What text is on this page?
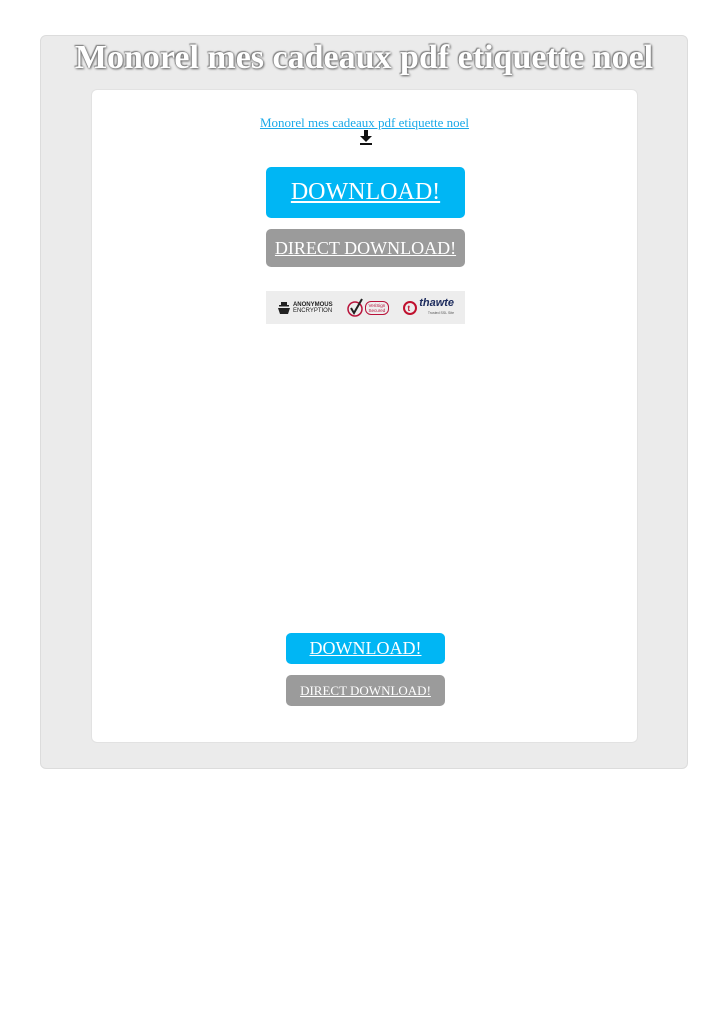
Monorel mes cadeaux pdf etiquette noel
Monorel mes cadeaux pdf etiquette noel
DOWNLOAD!
DIRECT DOWNLOAD!
ANONYMOUS
ENCRYPTION
VeriSign
Secured	t thawte
Trusted SSL Site
DOWNLOAD!
DIRECT DOWNLOAD!
